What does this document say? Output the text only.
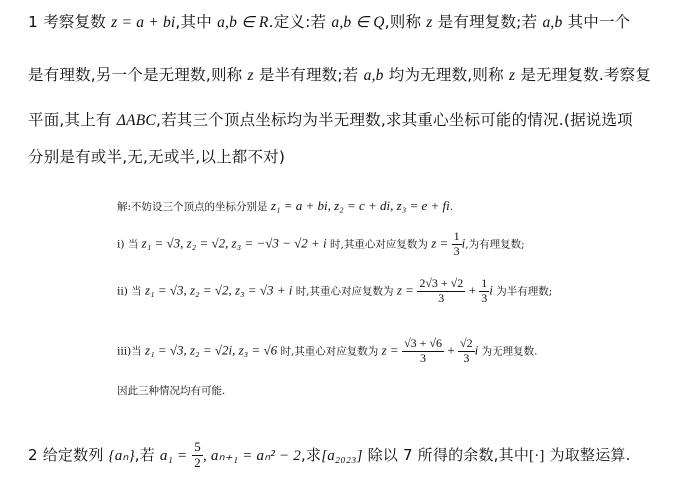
1 考察复数 z = a + bi,其中 a,b ∈ R.定义:若 a,b ∈ Q,则称 z 是有理复数;若 a,b 其中一个
是有理数,另一个是无理数,则称 z 是半有理数;若 a,b 均为无理数,则称 z 是无理复数.考察复
平面,其上有 ΔABC,若其三个顶点坐标均为半无理数,求其重心坐标可能的情况.(据说选项
分别是有或半,无,无或半,以上都不对)
解:不妨设三个顶点的坐标分别是 z₁ = a + bi, z₂ = c + di, z₃ = e + fi.
i) 当 z₁ = √3, z₂ = √2, z₃ = −√3 − √2 + i 时,其重心对应复数为 $z = \frac{1}{3} i$,为有理复数;
ii) 当 z₁ = √3, z₂ = √2, z₃ = √3 + i 时,其重心对应复数为 $z = \frac{2√3 + √2}{3} + \frac{1}{3}$ i 为半有理数;
iii)当 z₁ = √3, z₂ = √2i, z₃ = √6 时,其重心对应复数为 $z = \frac{√3 + √6}{3} + \frac{√2}{3}$ i 为无理复数.
因此三种情况均有可能.
2 给定数列 {aₙ},若 $a_1 = \frac{5}{2}$ , aₙ₊₁ = aₙ² − 2,求[a₂₀₂₃] 除以 7 所得的余数,其中[·] 为取整运算.
